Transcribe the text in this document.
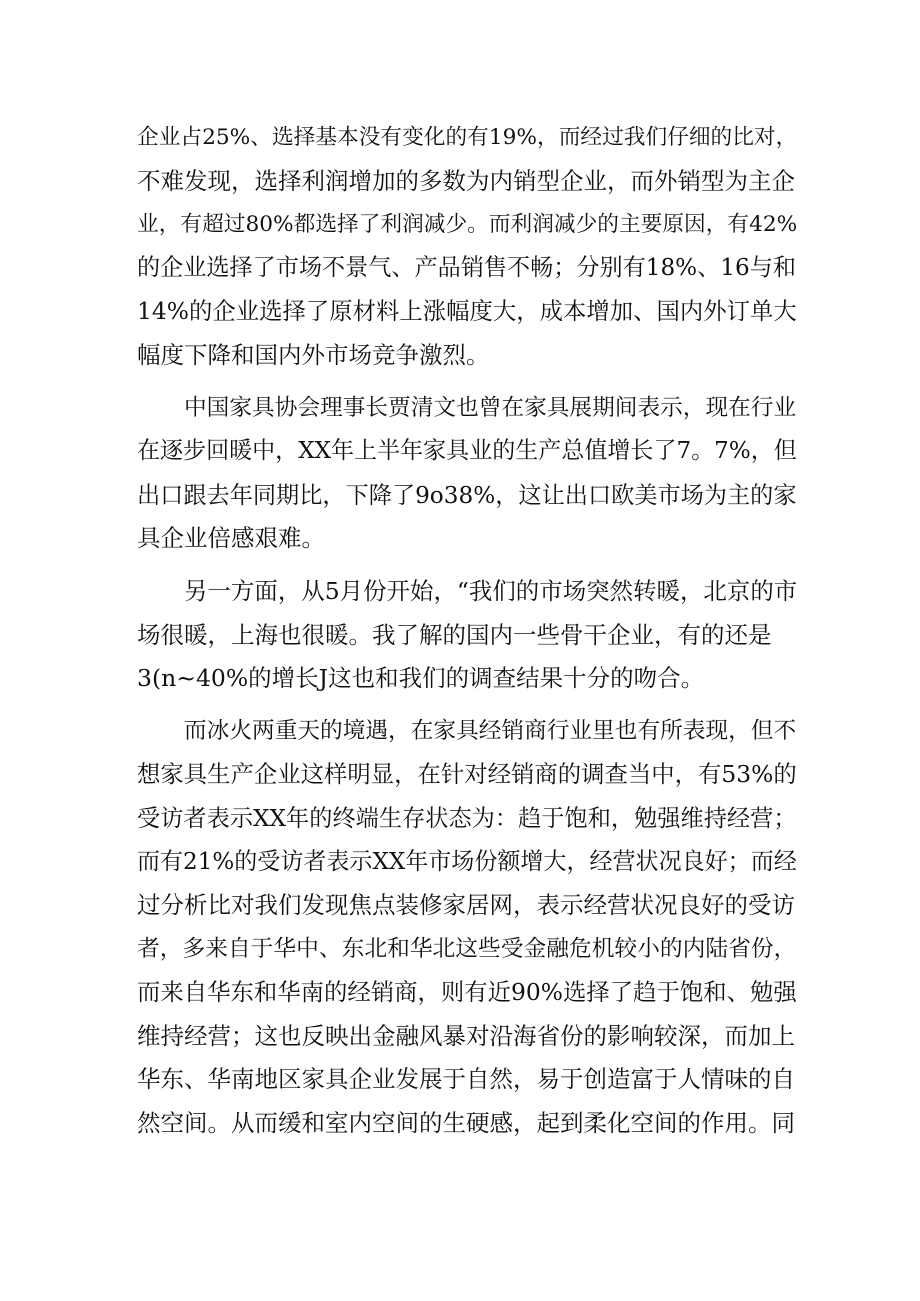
企业占25%、选择基本没有变化的有19%，而经过我们仔细的比对，
不难发现，选择利润增加的多数为内销型企业，而外销型为主企
业，有超过80%都选择了利润减少。而利润减少的主要原因，有42%
的企业选择了市场不景气、产品销售不畅；分别有18%、16与和
14%的企业选择了原材料上涨幅度大，成本增加、国内外订单大
幅度下降和国内外市场竞争激烈。
中国家具协会理事长贾清文也曾在家具展期间表示，现在行业
在逐步回暖中，XX年上半年家具业的生产总值增长了7。7%，但
出口跟去年同期比，下降了9o38%，这让出口欧美市场为主的家
具企业倍感艰难。
另一方面，从5月份开始，“我们的市场突然转暖，北京的市
场很暖，上海也很暖。我了解的国内一些骨干企业，有的还是
3(n~40%的增长J这也和我们的调查结果十分的吻合。
而冰火两重天的境遇，在家具经销商行业里也有所表现，但不
想家具生产企业这样明显，在针对经销商的调查当中，有53%的
受访者表示XX年的终端生存状态为：趋于饱和，勉强维持经营；
而有21%的受访者表示XX年市场份额增大，经营状况良好；而经
过分析比对我们发现焦点装修家居网，表示经营状况良好的受访
者，多来自于华中、东北和华北这些受金融危机较小的内陆省份，
而来自华东和华南的经销商，则有近90%选择了趋于饱和、勉强
维持经营；这也反映出金融风暴对沿海省份的影响较深，而加上
华东、华南地区家具企业发展于自然，易于创造富于人情味的自
然空间。从而缓和室内空间的生硬感，起到柔化空间的作用。同
